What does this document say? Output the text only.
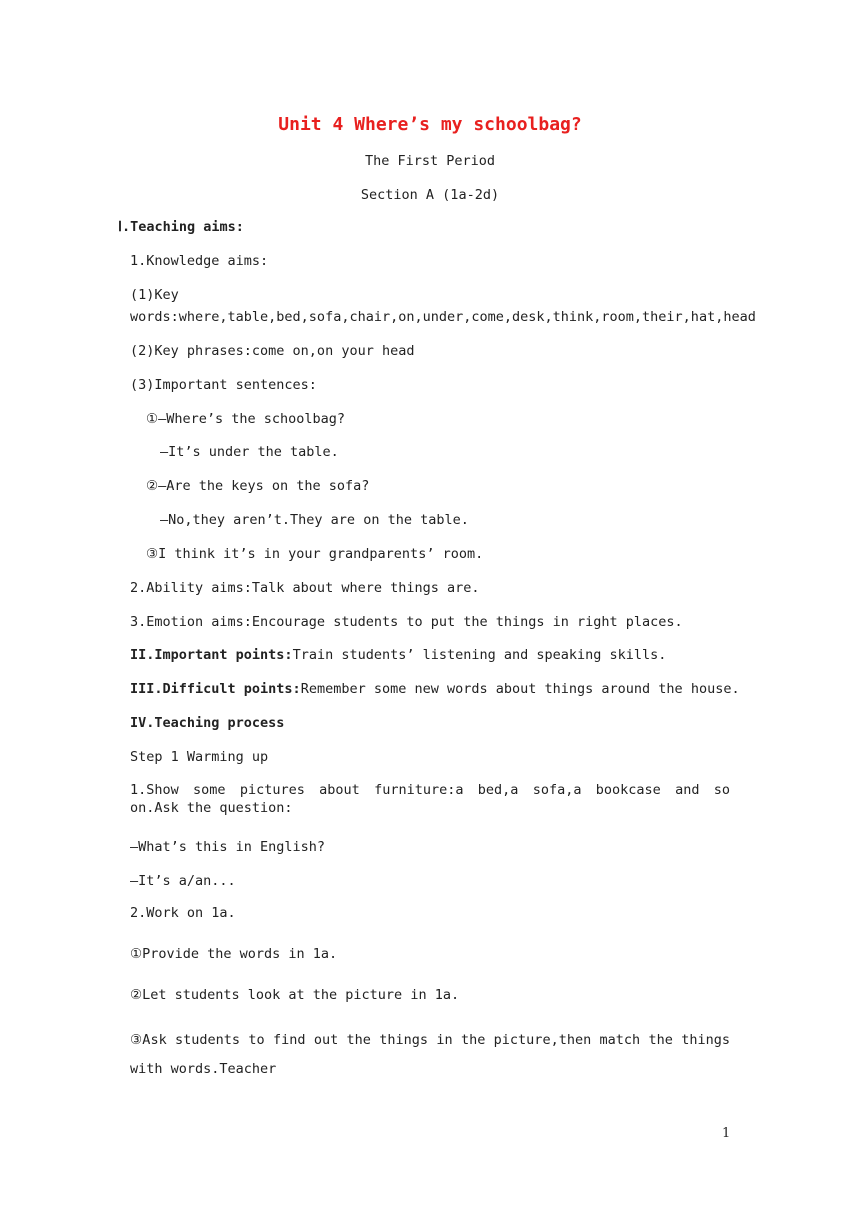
Unit 4 Where’s my schoolbag?
The First Period
Section A (1a-2d)
Ⅰ.Teaching aims:
1.Knowledge aims:
(1)Key
words:where,table,bed,sofa,chair,on,under,come,desk,think,room,their,hat,head
(2)Key phrases:come on,on your head
(3)Important sentences:
①—Where’s the schoolbag?
—It’s under the table.
②—Are the keys on the sofa?
—No,they aren’t.They are on the table.
③I think it’s in your grandparents’ room.
2.Ability aims:Talk about where things are.
3.Emotion aims:Encourage students to put the things in right places.
II.Important points:Train students’ listening and speaking skills.
III.Difficult points:Remember some new words about things around the house.
IV.Teaching process
Step 1 Warming up
1.Show some pictures about furniture:a bed,a sofa,a bookcase and so on.Ask the question:
—What’s this in English?
—It’s a/an...
2.Work on 1a.
①Provide the words in 1a.
②Let students look at the picture in 1a.
③Ask students to find out the things in the picture,then match the things with words.Teacher
1
